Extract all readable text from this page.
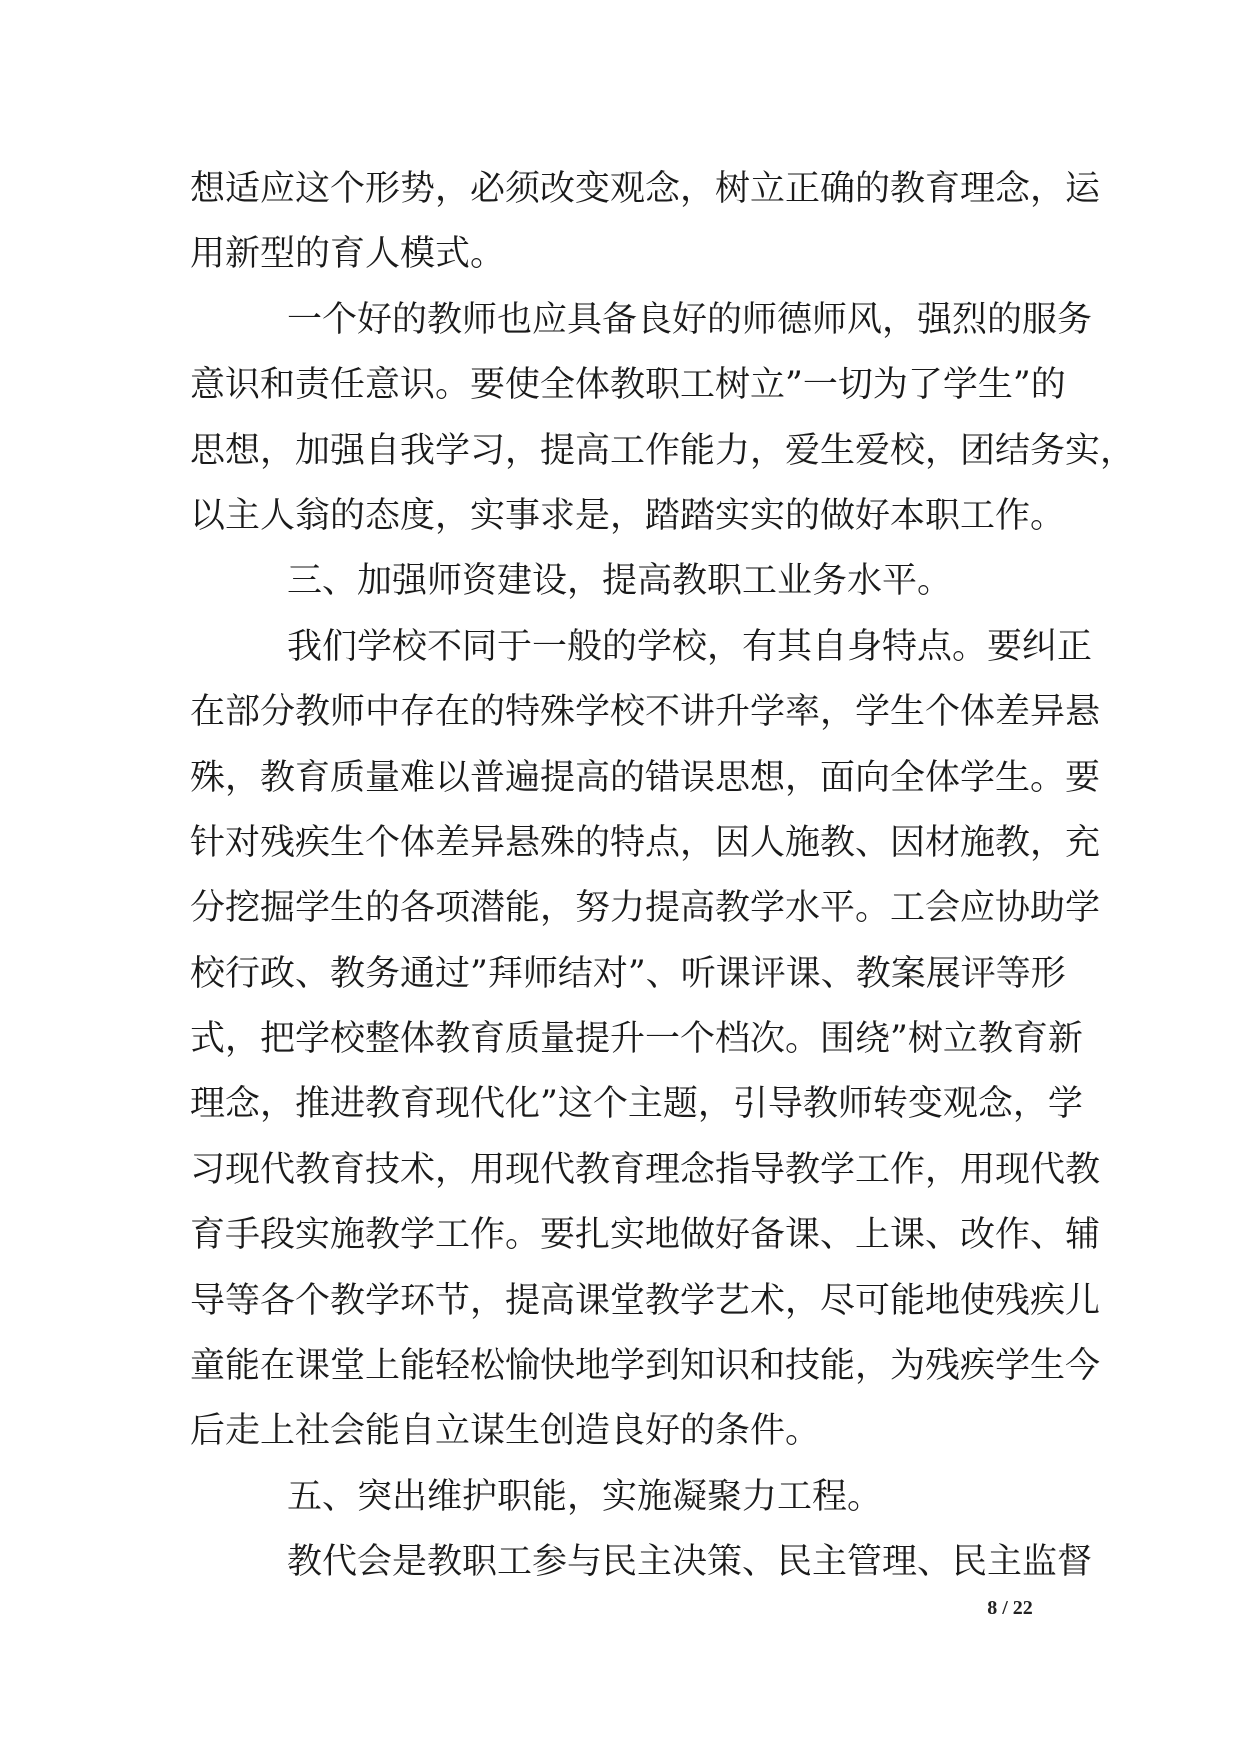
想适应这个形势，必须改变观念，树立正确的教育理念，运
用新型的育人模式。
一个好的教师也应具备良好的师德师风，强烈的服务
意识和责任意识。要使全体教职工树立”一切为了学生”的
思想，加强自我学习，提高工作能力，爱生爱校，团结务实，
以主人翁的态度，实事求是，踏踏实实的做好本职工作。
三、加强师资建设，提高教职工业务水平。
我们学校不同于一般的学校，有其自身特点。要纠正
在部分教师中存在的特殊学校不讲升学率，学生个体差异悬
殊，教育质量难以普遍提高的错误思想，面向全体学生。要
针对残疾生个体差异悬殊的特点，因人施教、因材施教，充
分挖掘学生的各项潜能，努力提高教学水平。工会应协助学
校行政、教务通过”拜师结对”、听课评课、教案展评等形
式，把学校整体教育质量提升一个档次。围绕”树立教育新
理念，推进教育现代化”这个主题，引导教师转变观念，学
习现代教育技术，用现代教育理念指导教学工作，用现代教
育手段实施教学工作。要扎实地做好备课、上课、改作、辅
导等各个教学环节，提高课堂教学艺术，尽可能地使残疾儿
童能在课堂上能轻松愉快地学到知识和技能，为残疾学生今
后走上社会能自立谋生创造良好的条件。
五、突出维护职能，实施凝聚力工程。
教代会是教职工参与民主决策、民主管理、民主监督
8 / 22
